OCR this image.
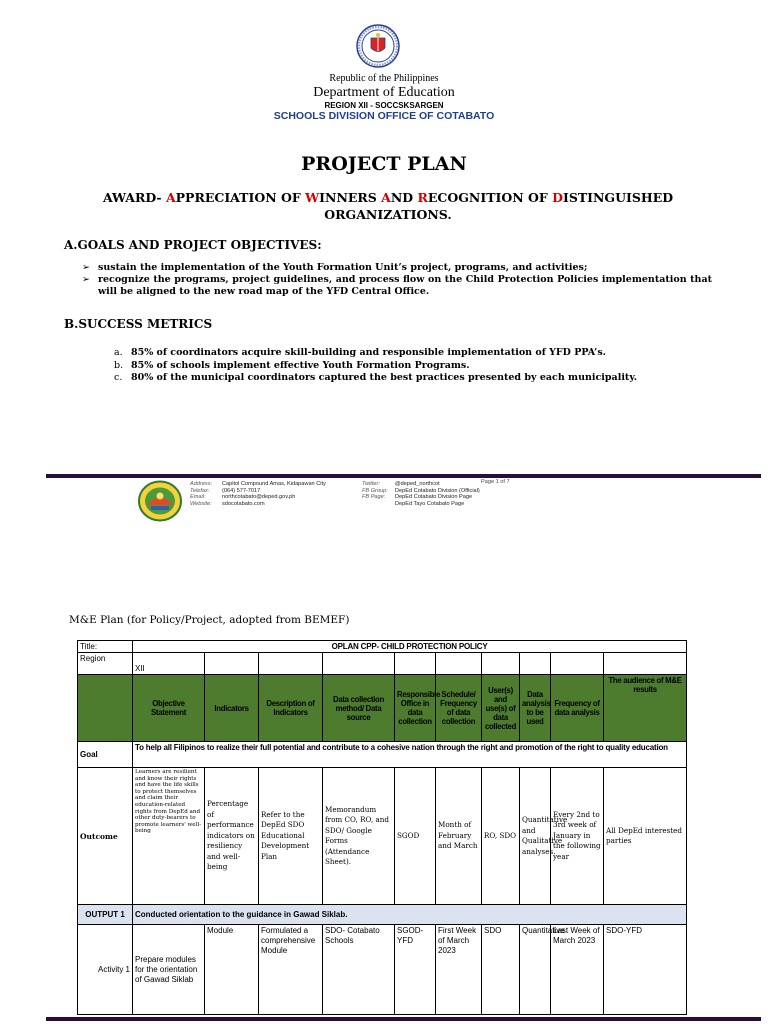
Republic of the Philippines
Department of Education
REGION XII - SOCCSKSARGEN
SCHOOLS DIVISION OFFICE OF COTABATO
PROJECT PLAN
AWARD- APPRECIATION OF WINNERS AND RECOGNITION OF DISTINGUISHED ORGANIZATIONS.
A.GOALS AND PROJECT OBJECTIVES:
➢ sustain the implementation of the Youth Formation Unit’s project, programs, and activities;
➢ recognize the programs, project guidelines, and process flow on the Child Protection Policies implementation that will be aligned to the new road map of the YFD Central Office.
B.SUCCESS METRICS
a. 85% of coordinators acquire skill-building and responsible implementation of YFD PPA’s.
b. 85% of schools implement effective Youth Formation Programs.
c. 80% of the municipal coordinators captured the best practices presented by each municipality.
Address: Capitol Compound Amas, Kidapawan City
Telefax: (064) 577-7017
Email:	northcotabato@deped.gov.ph
Website: sdocotabato.com
Twitter:	@deped_northcot
FB Group: DepEd Cotabato Division (Official)
FB Page: DepEd Cotabato Division Page
DepEd Tayo Cotabato Page
Page 1 of 7
M&E Plan (for Policy/Project, adopted from BEMEF)
Title:	OPLAN CPP- CHILD PROTECTION POLICY									
Region	XII									
	Objective Statement	Indicators	Description of Indicators	Data collection method/ Data source	Responsible Office in data collection	Schedule/ Frequency of data collection	User(s) and use(s) of data collected	Data analysis to be used	Frequency of data analysis	The audience of M&E results
Goal	To help all Filipinos to realize their full potential and contribute to a cohesive nation through the right and promotion of the right to quality education									
Outcome	Learners are resilient and know their rights and have the life skills to protect themselves and claim their education-related rights from DepEd and other duty-bearers to promote learners' well-being	Percentage of performance indicators on resiliency and well-being	Refer to the DepEd SDO Educational Development Plan	Memorandum from CO, RO, and SDO/ Google Forms (Attendance Sheet).	SGOD	Month of February and March	RO, SDO	Quantitative and Qualitative analyses.	Every 2nd to 3rd week of January in the following year	All DepEd interested parties
OUTPUT 1	Conducted orientation to the guidance in Gawad Siklab.									
Activity 1	Prepare modules for the orientation of Gawad Siklab	Module	Formulated a comprehensive Module	SDO- Cotabato Schools	SGOD-YFD	First Week of March 2023	SDO	Quantitative	Last Week of March 2023	SDO-YFD
